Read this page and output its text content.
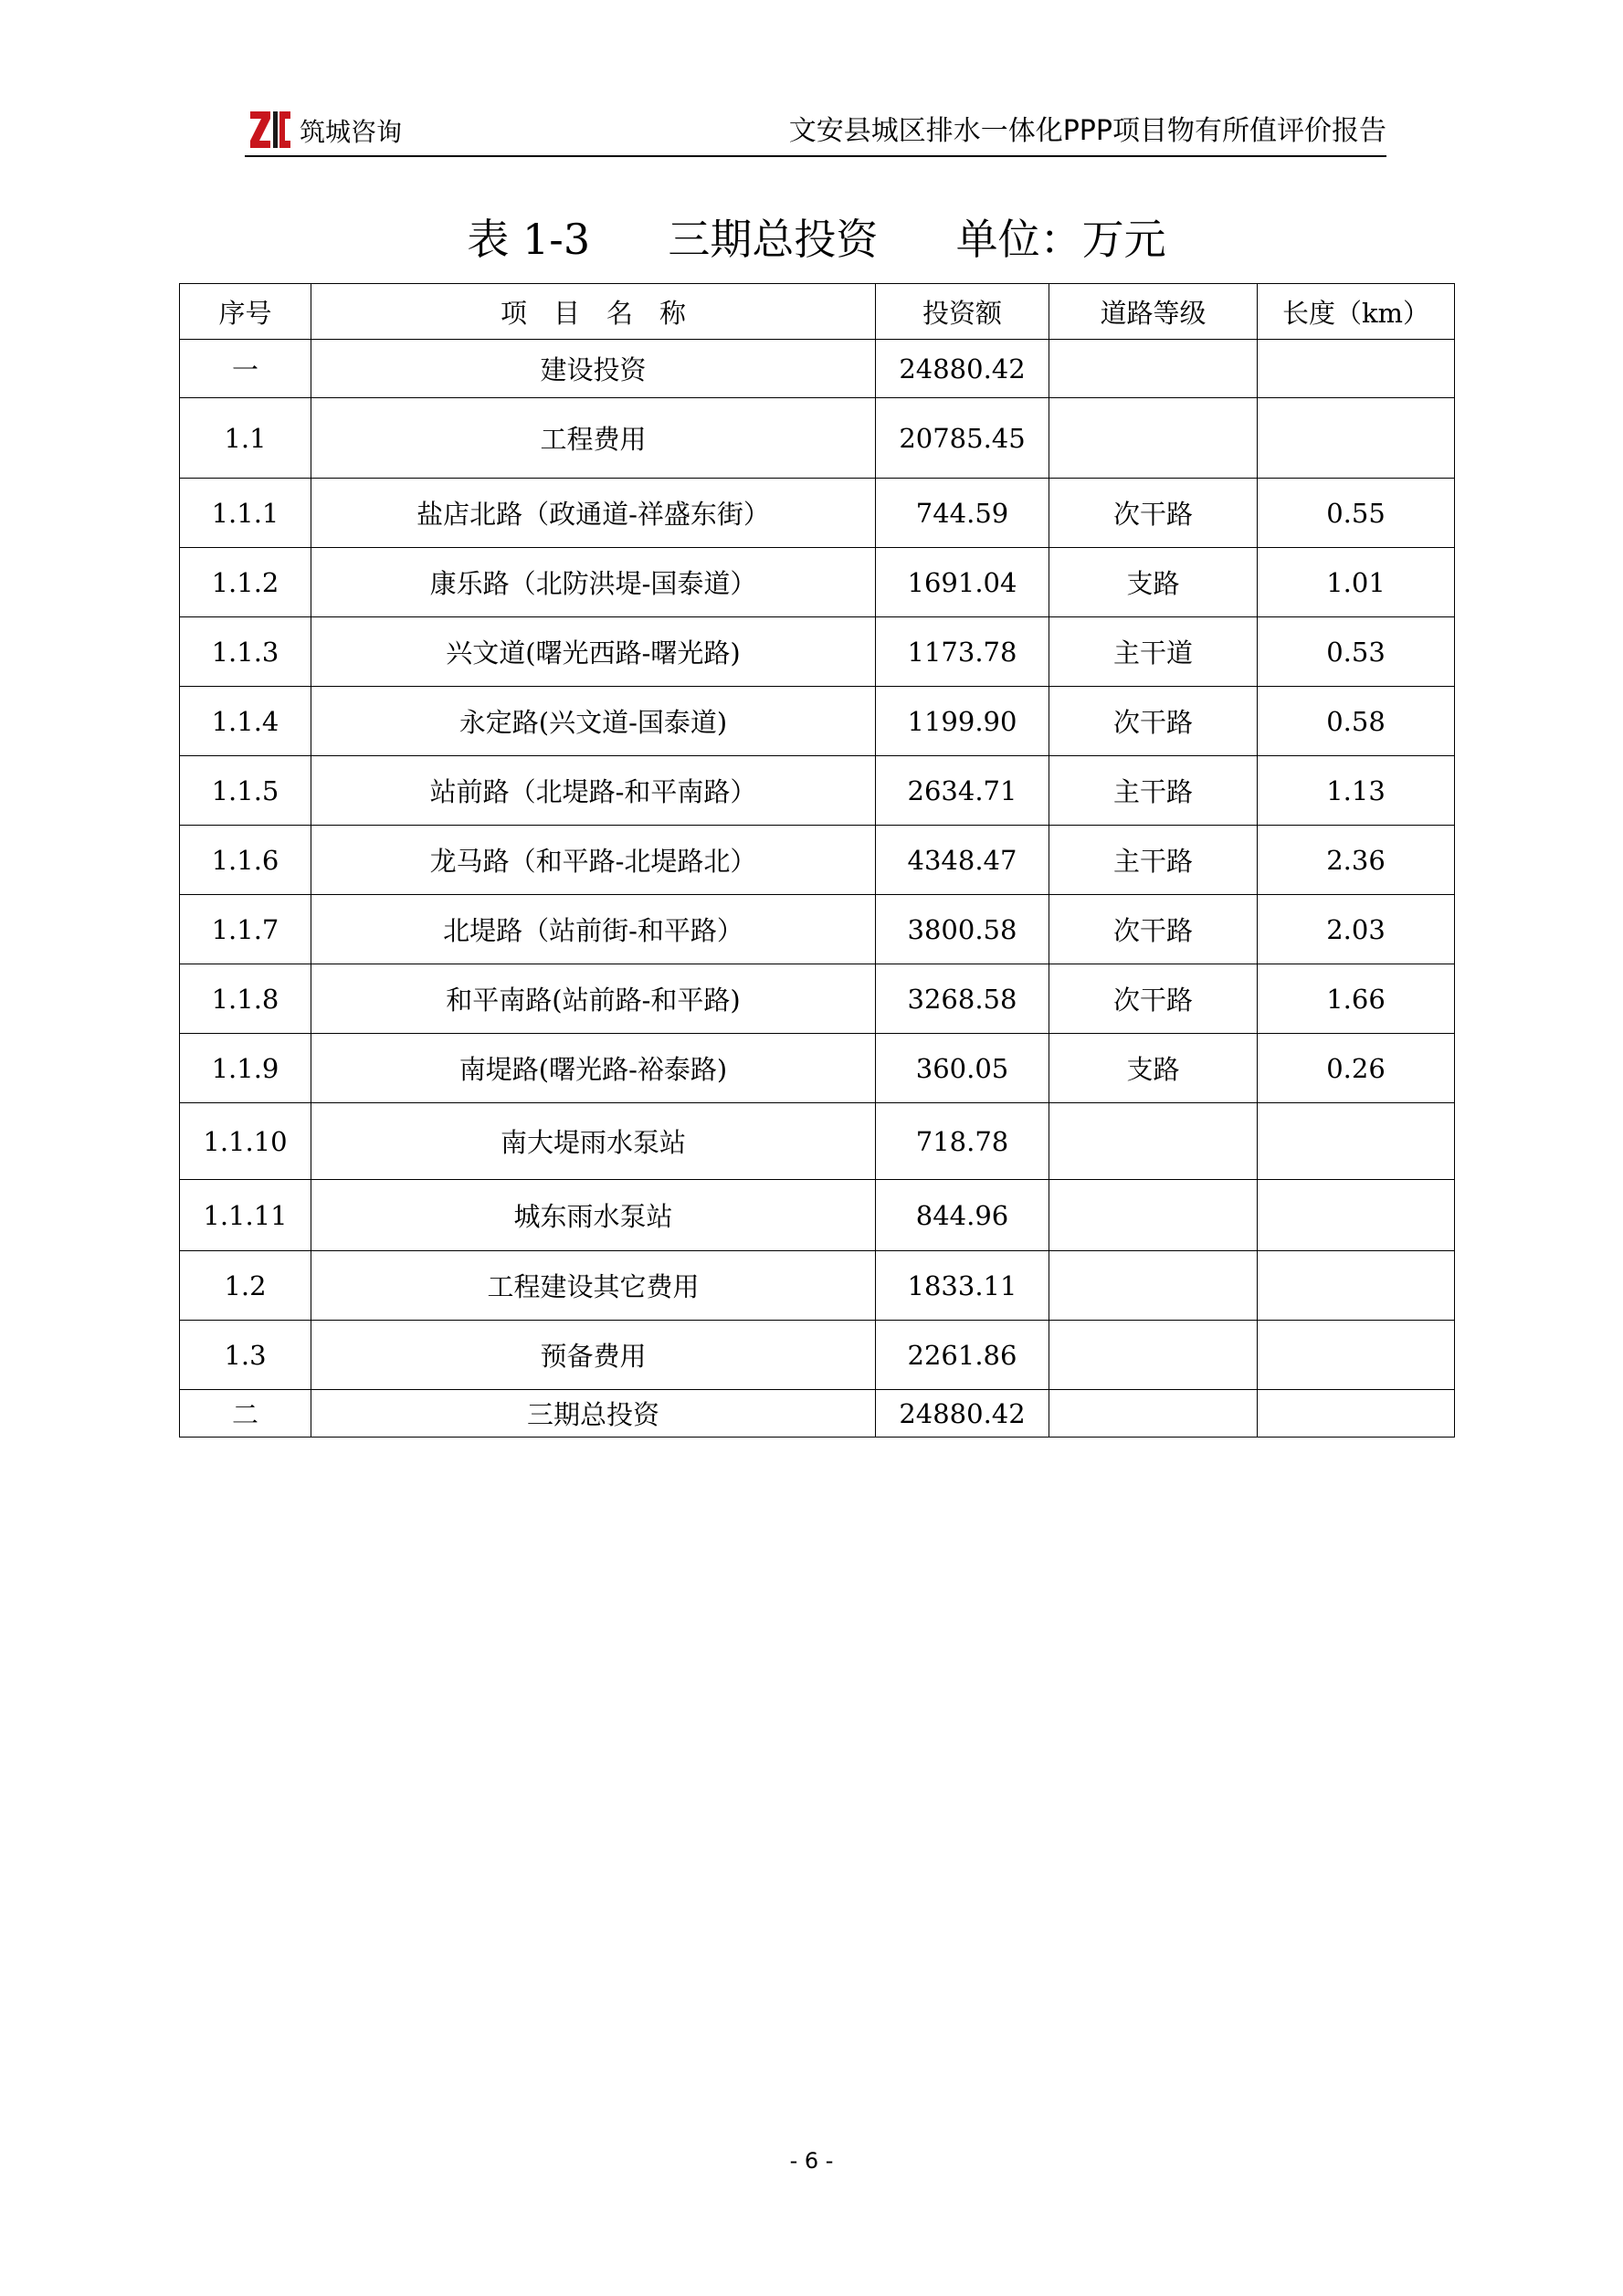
筑城咨询	文安县城区排水一体化PPP项目物有所值评价报告
表 1-3 三期总投资 单位：万元
序号	项　目　名　称	投资额	道路等级	长度（km）
一	建设投资	24880.42		
1.1	工程费用	20785.45		
1.1.1	盐店北路（政通道-祥盛东街）	744.59	次干路	0.55
1.1.2	康乐路（北防洪堤-国泰道）	1691.04	支路	1.01
1.1.3	兴文道(曙光西路-曙光路)	1173.78	主干道	0.53
1.1.4	永定路(兴文道-国泰道)	1199.90	次干路	0.58
1.1.5	站前路（北堤路-和平南路）	2634.71	主干路	1.13
1.1.6	龙马路（和平路-北堤路北）	4348.47	主干路	2.36
1.1.7	北堤路（站前街-和平路）	3800.58	次干路	2.03
1.1.8	和平南路(站前路-和平路)	3268.58	次干路	1.66
1.1.9	南堤路(曙光路-裕泰路)	360.05	支路	0.26
1.1.10	南大堤雨水泵站	718.78		
1.1.11	城东雨水泵站	844.96		
1.2	工程建设其它费用	1833.11		
1.3	预备费用	2261.86		
二	三期总投资	24880.42		
- 6 -
